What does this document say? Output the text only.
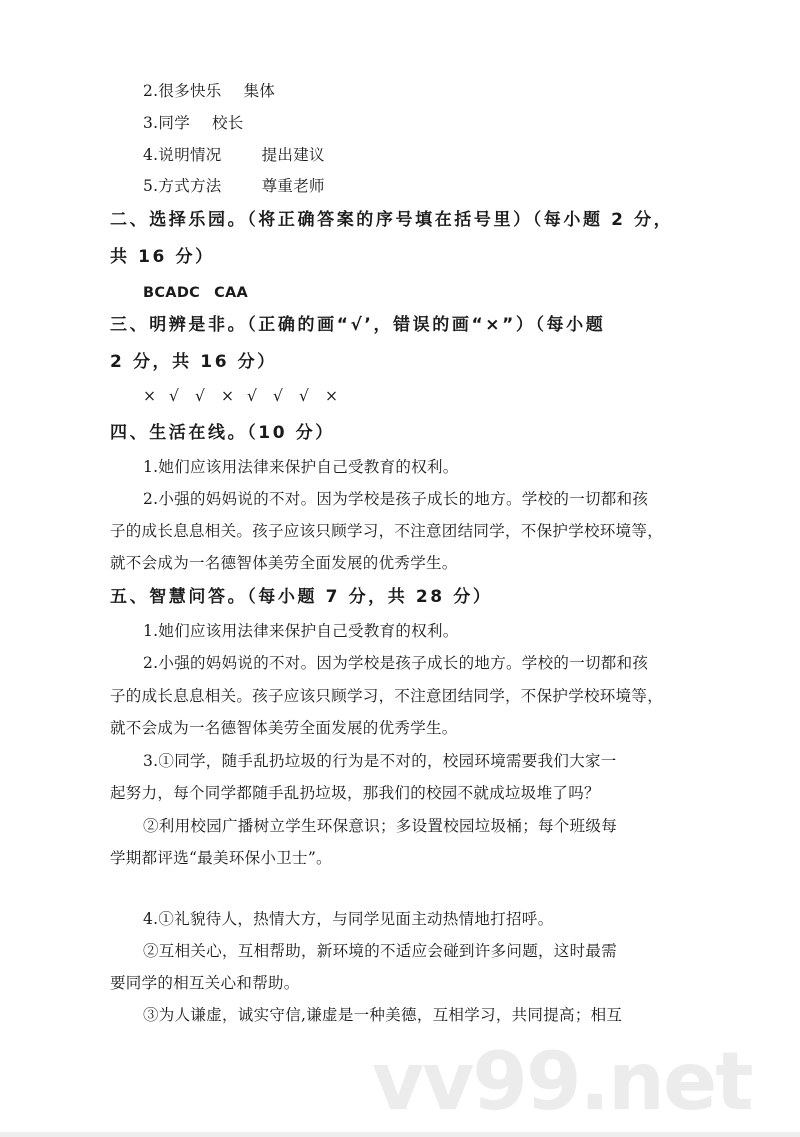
2.很多快乐 集体
3.同学 校长
4.说明情况	提出建议
5.方式方法	尊重老师
二、选择乐园。（将正确答案的序号填在括号里）（每小题 2 分，
共 16 分）
BCADC CAA
三、明辨是非。（正确的画“√’，错误的画“×”）（每小题
2 分，共 16 分）
× √ √ × √ √ √ ×
四、生活在线。（10 分）
1.她们应该用法律来保护自己受教育的权利。
2.小强的妈妈说的不对。因为学校是孩子成长的地方。学校的一切都和孩
子的成长息息相关。孩子应该只顾学习，不注意团结同学，不保护学校环境等，
就不会成为一名德智体美劳全面发展的优秀学生。
五、智慧问答。（每小题 7 分，共 28 分）
1.她们应该用法律来保护自己受教育的权利。
2.小强的妈妈说的不对。因为学校是孩子成长的地方。学校的一切都和孩
子的成长息息相关。孩子应该只顾学习，不注意团结同学，不保护学校环境等，
就不会成为一名德智体美劳全面发展的优秀学生。
3.①同学，随手乱扔垃圾的行为是不对的，校园环境需要我们大家一
起努力，每个同学都随手乱扔垃圾，那我们的校园不就成垃圾堆了吗？
②利用校园广播树立学生环保意识；多设置校园垃圾桶；每个班级每
学期都评选“最美环保小卫士”。
4.①礼貌待人，热情大方，与同学见面主动热情地打招呼。
②互相关心，互相帮助，新环境的不适应会碰到许多问题，这时最需
要同学的相互关心和帮助。
③为人谦虚，诚实守信,谦虚是一种美德，互相学习，共同提高；相互
vv99.net
